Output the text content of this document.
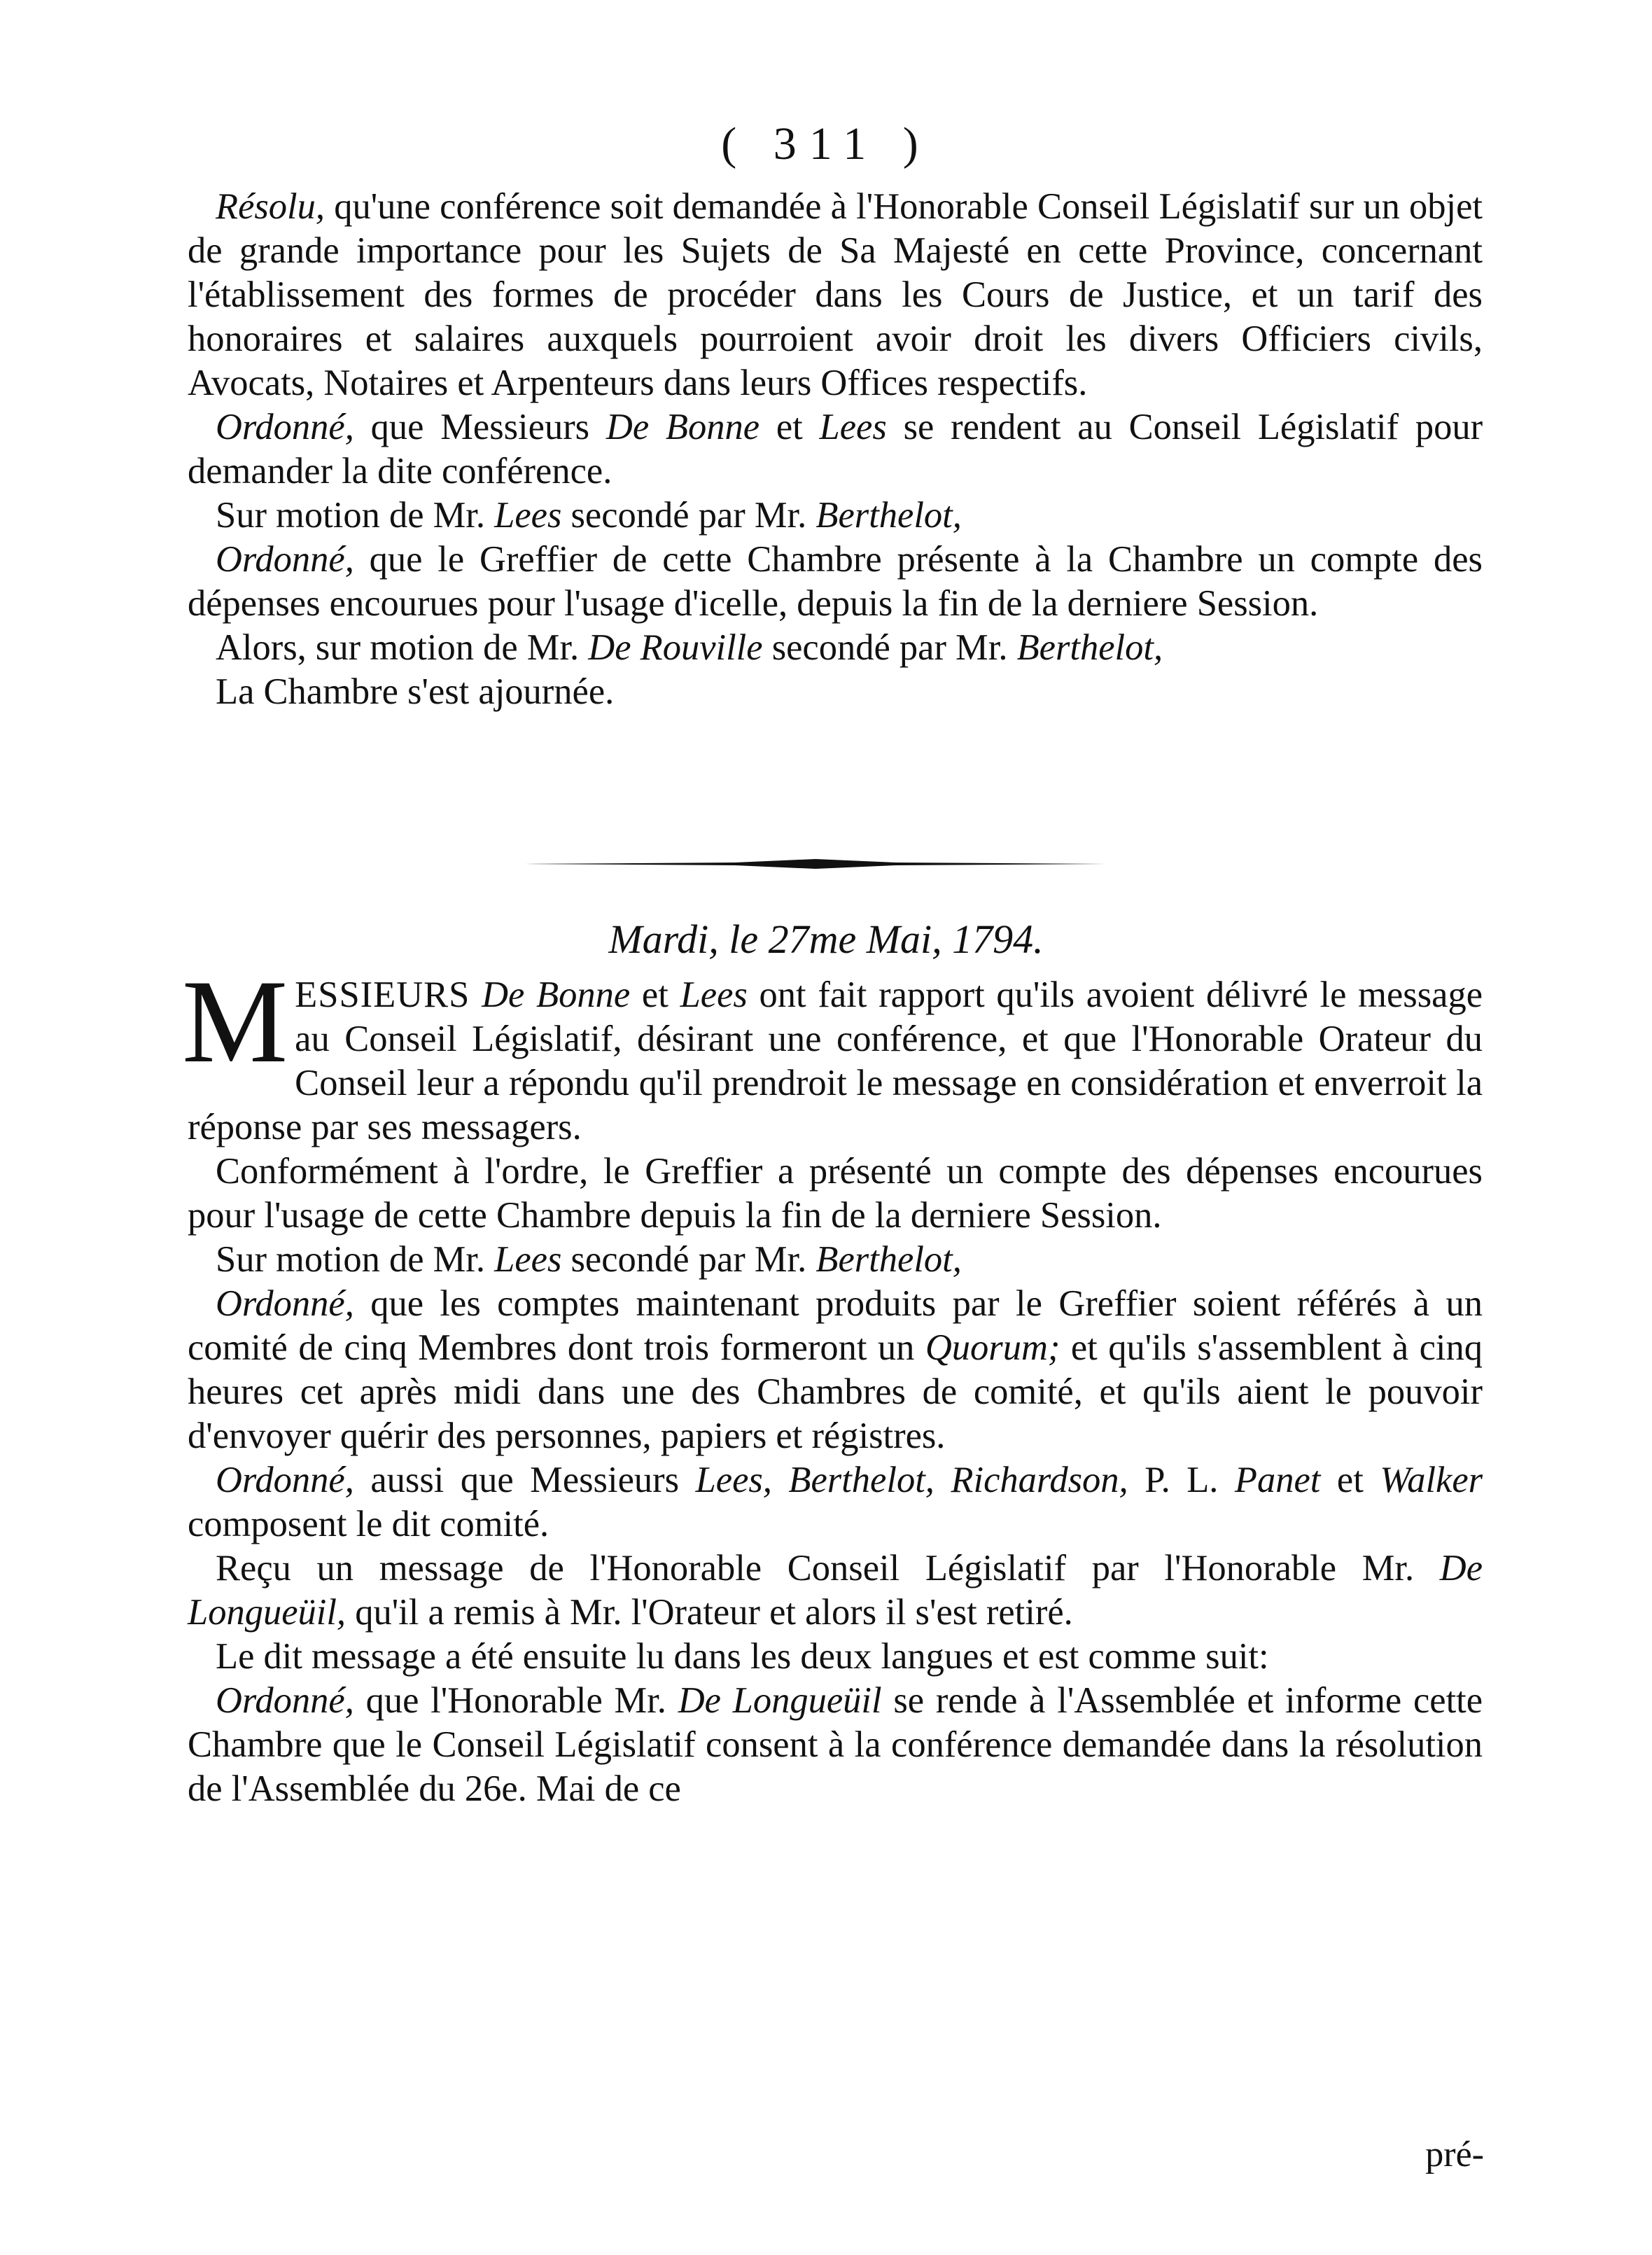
( 311 )

Résolu, qu'une conférence soit demandée à l'Honorable Conseil Législatif sur un objet de grande importance pour les Sujets de Sa Majesté en cette Province, concernant l'établissement des formes de procéder dans les Cours de Justice, et un tarif des honoraires et salaires auxquels pourroient avoir droit les divers Officiers civils, Avocats, Notaires et Arpenteurs dans leurs Offices respectifs.

Ordonné, que Messieurs De Bonne et Lees se rendent au Conseil Législatif pour demander la dite conférence.

Sur motion de Mr. Lees secondé par Mr. Berthelot,

Ordonné, que le Greffier de cette Chambre présente à la Chambre un compte des dépenses encourues pour l'usage d'icelle, depuis la fin de la derniere Session.

Alors, sur motion de Mr. De Rouville secondé par Mr. Berthelot,

La Chambre s'est ajournée.

Mardi, le 27me Mai, 1794.

M ESSIEURS De Bonne et Lees ont fait rapport qu'ils avoient délivré le message au Conseil Législatif, désirant une conférence, et que l'Honorable Orateur du Conseil leur a répondu qu'il prendroit le message en considération et enverroit la réponse par ses messagers.

Conformément à l'ordre, le Greffier a présenté un compte des dépenses encourues pour l'usage de cette Chambre depuis la fin de la derniere Session.

Sur motion de Mr. Lees secondé par Mr. Berthelot,

Ordonné, que les comptes maintenant produits par le Greffier soient référés à un comité de cinq Membres dont trois formeront un Quorum; et qu'ils s'assemblent à cinq heures cet après midi dans une des Chambres de comité, et qu'ils aient le pouvoir d'envoyer quérir des personnes, papiers et régistres.

Ordonné, aussi que Messieurs Lees, Berthelot, Richardson, P. L. Panet et Walker composent le dit comité.

Reçu un message de l'Honorable Conseil Législatif par l'Honorable Mr. De Longueüil, qu'il a remis à Mr. l'Orateur et alors il s'est retiré.

Le dit message a été ensuite lu dans les deux langues et est comme suit:

Ordonné, que l'Honorable Mr. De Longueüil se rende à l'Assemblée et informe cette Chambre que le Conseil Législatif consent à la conférence demandée dans la résolution de l'Assemblée du 26e. Mai de ce

pré-
